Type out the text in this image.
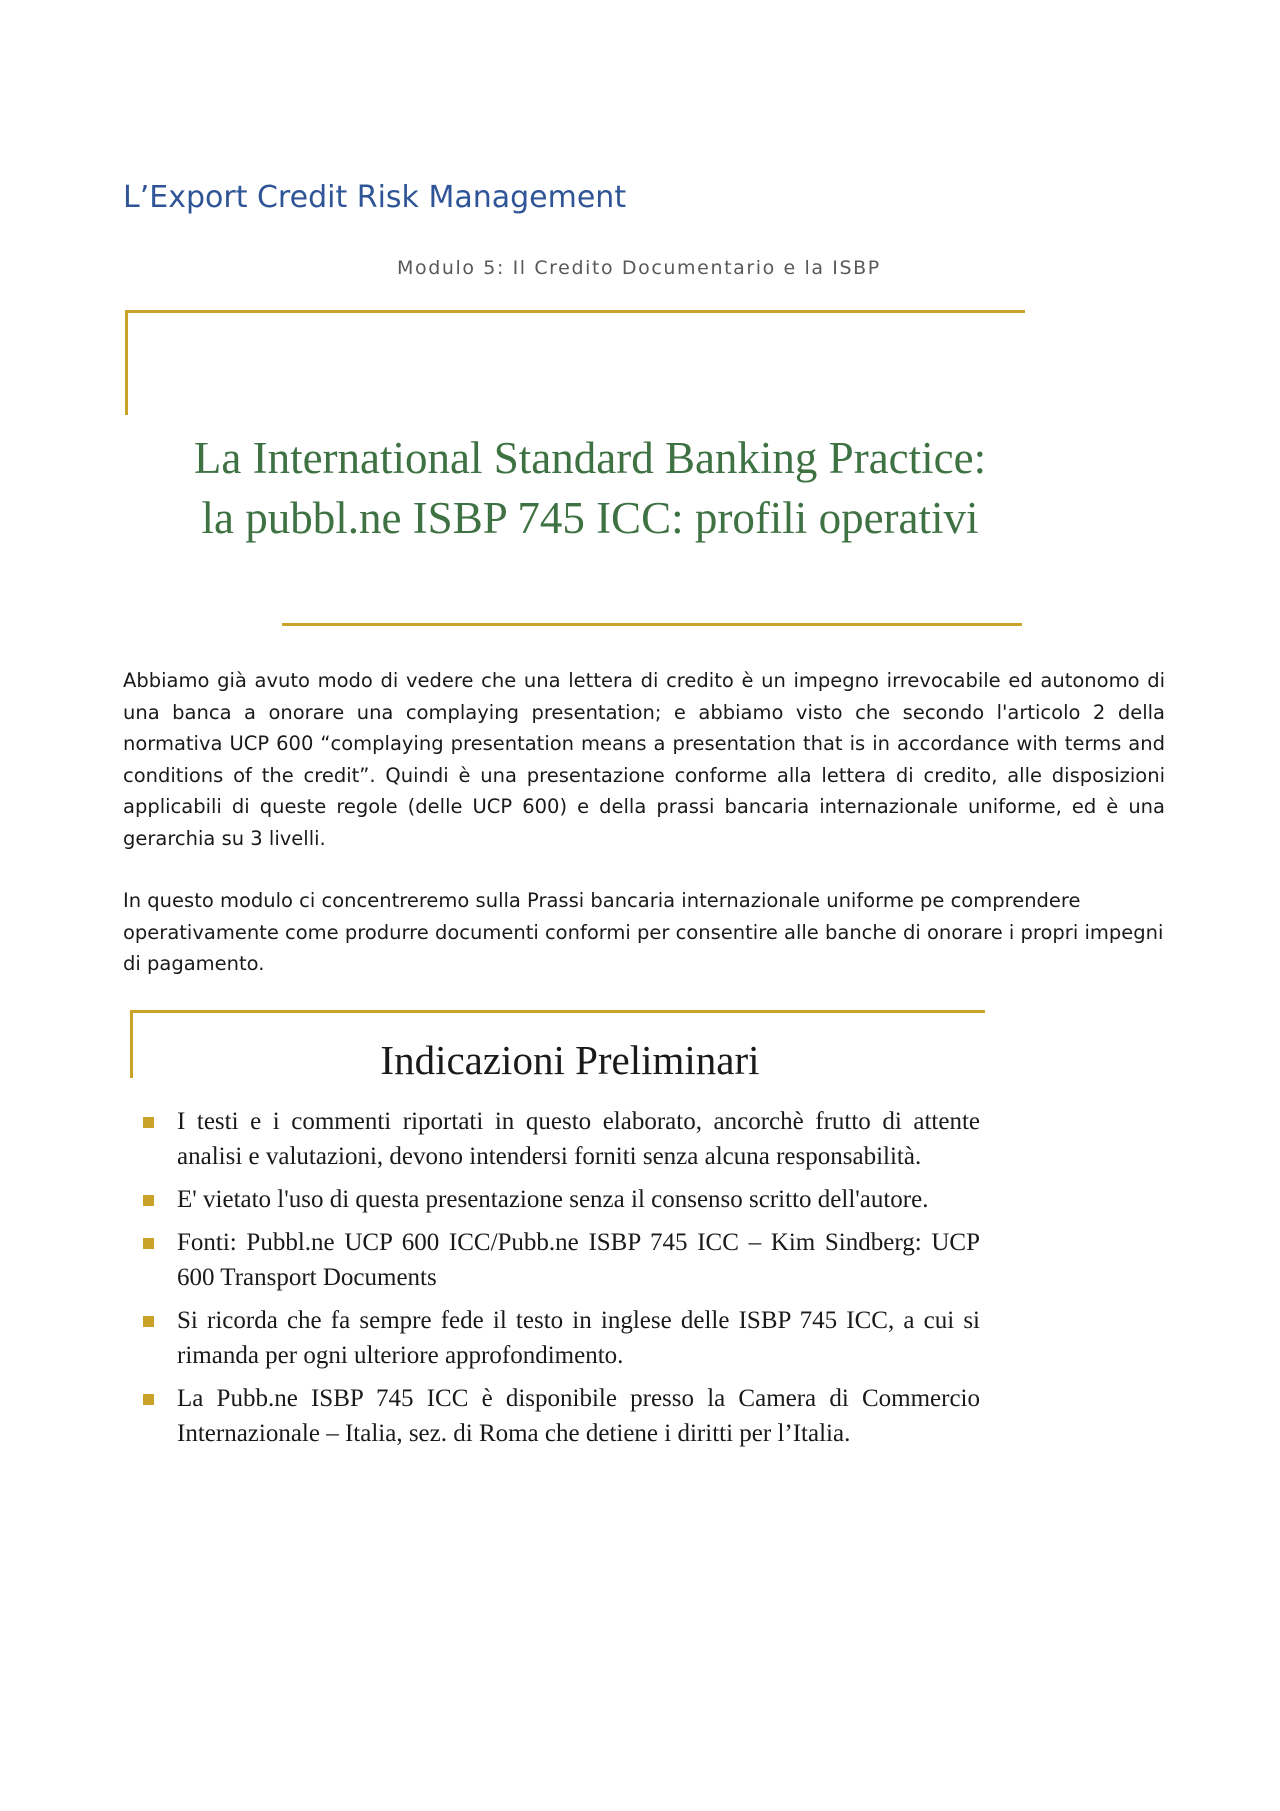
L’Export Credit Risk Management
Modulo 5: Il Credito Documentario e la ISBP
La International Standard Banking Practice:
la pubbl.ne ISBP 745 ICC: profili operativi

Abbiamo già avuto modo di vedere che una lettera di credito è un impegno irrevocabile ed autonomo di una banca a onorare una complaying presentation; e abbiamo visto che secondo l'articolo 2 della normativa UCP 600 “complaying presentation means a presentation that is in accordance with terms and conditions of the credit”. Quindi è una presentazione conforme alla lettera di credito, alle disposizioni applicabili di queste regole (delle UCP 600) e della prassi bancaria internazionale uniforme, ed è una gerarchia su 3 livelli.

In questo modulo ci concentreremo sulla Prassi bancaria internazionale uniforme pe comprendere operativamente come produrre documenti conformi per consentire alle banche di onorare i propri impegni di pagamento.

Indicazioni Preliminari
I testi e i commenti riportati in questo elaborato, ancorchè frutto di attente analisi e valutazioni, devono intendersi forniti senza alcuna responsabilità.
E' vietato l'uso di questa presentazione senza il consenso scritto dell'autore.
Fonti: Pubbl.ne UCP 600 ICC/Pubb.ne ISBP 745 ICC – Kim Sindberg: UCP 600 Transport Documents
Si ricorda che fa sempre fede il testo in inglese delle ISBP 745 ICC, a cui si rimanda per ogni ulteriore approfondimento.
La Pubb.ne ISBP 745 ICC è disponibile presso la Camera di Commercio Internazionale – Italia, sez. di Roma che detiene i diritti per l’Italia.
